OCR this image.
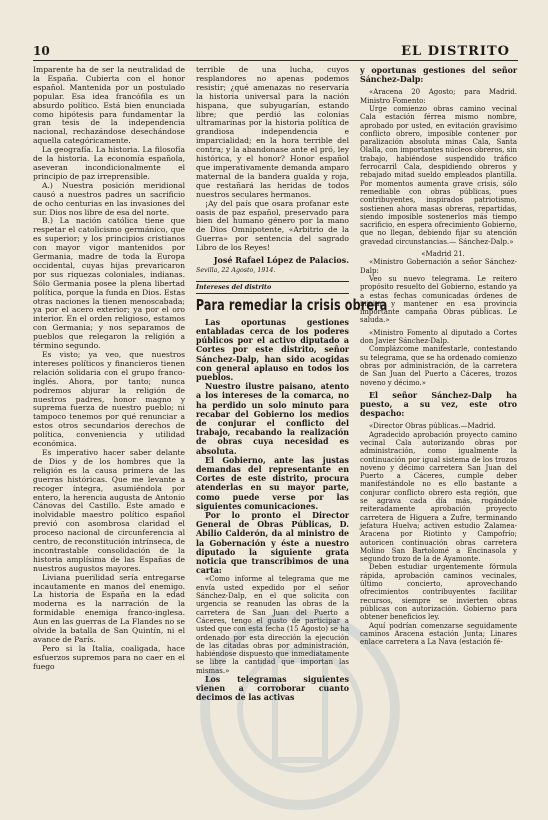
10	EL DISTRITO

Imparente ha de ser la neutralidad de la España. Cubierta con el honor español. Mantenida por un postulado popular. Esa idea francófila es un absurdo político. Está bien enunciada como hipótesis para fundamentar la gran tesis de la independencia nacional, rechazándose desechándose aquella categóricamente.

La geografía. La historia. La filosofía de la historia. La economía española, aseveran incondicionalmente el principio de paz irreprensible.

A.) Nuestra posición meridional causó a nuestros padres un sacrificio de ocho centurias en las invasiones del sur. Dios nos libre de esa del norte.

B.) La nación católica tiene que respetar el catolicismo germánico, que es superior; y los principios cristianos con mayor vigor mantenidos por Germania, madre de toda la Europa occidental, cuyas hijas prevaricaron por sus riquezas coloniales, indianas. Sólo Germania posee la plena libertad política, porque la funda en Dios. Estas otras naciones la tienen menoscabada; ya por el acero exterior; ya por el oro interior. En el orden religioso, estamos con Germania; y nos separamos de pueblos que relegaron la religión a término segundo.

Es visto; ya veo, que nuestros intereses políticos y financieros tienen relación solidaria con el grupo franco-inglés. Ahora, por tanto; nunca podremos abjurar la religión de nuestros padres, honor magno y suprema fuerza de nuestro pueblo; ni tampoco tenemos por qué renunciar a estos otros secundarios derechos de política, conveniencia y utilidad económica.

Es imperativo hacer saber delante de Dios y de los hombres que la religión es la causa primera de las guerras históricas. Que me levante a recoger íntegra, asumiéndola por entero, la herencia augusta de Antonio Cánovas del Castillo. Este amado e inolvidable maestro político español previó con asombrosa claridad el proceso nacional de circunferencia al centro, de reconstitución intrínseca, de incontrastable consolidación de la historia amplísima de las Españas de nuestros augustos mayores.

Liviana puerilidad sería entregarse incautamente en manos del enemigo. La historia de España en la edad moderna es la narración de la formidable enemiga franco-inglesa. Aun en las guerras de La Flandes no se olvide la batalla de San Quintín, ni el avance de París.

Pero si la Italia, coaligada, hace esfuerzos supremos para no caer en el fuego

terrible de una lucha, cuyos resplandores no apenas podemos resistir; ¿qué amenazas no reservaría la historia universal para la nación hispana, que subyugarían, estando libre; que perdió las colonias ultramarinas por la historia política de grandiosa independencia e imparcialidad; en la hora terrible del contra; y la abandonase ante el pró, ley histórica, y el honor? Honor español que imperativamente demanda amparo maternal de la bandera gualda y roja, que restañará las heridas de todos nuestros seculares hermanos.

¡Ay del país que osara profanar este oasis de paz español, preservado para bien del humano género por la mano de Dios Omnipotente, «Arbitrio de la Guerra» por sentencia del sagrado Libro de los Reyes!

José Rafael López de Palacios.
Sevilla, 22 Agosto, 1914.
Intereses del distrito
Para remediar la crisis obrera

Las oportunas gestiones entabladas cerca de los poderes públicos por el activo diputado a Cortes por este distrito, señor Sánchez-Dalp, han sido acogidas con general aplauso en todos los pueblos.

Nuestro ilustre paisano, atento a los intereses de la comarca, no ha perdido un solo minuto para recabar del Gobierno los medios de conjurar el conflicto del trabajo, recabando la realización de obras cuya necesidad es absoluta.

El Gobierno, ante las justas demandas del representante en Cortes de este distrito, procura atenderlas en su mayor parte, como puede verse por las siguientes comunicaciones.

Por lo pronto el Director General de Obras Públicas, D. Abilio Calderón, da al ministro de la Gobernación y éste a nuestro diputado la siguiente grata noticia que transcribimos de una carta:

«Como informe al telegrama que me envía usted expedido por el señor Sánchez-Dalp, en el que solicita con urgencia se reanuden las obras de la carretera de San Juan del Puerto a Cáceres, tengo el gusto de participar a usted que con esta fecha (15 Agosto) se ha ordenado por esta dirección la ejecución de las citadas obras por administración, habiéndose dispuesto que inmediatamente se libre la cantidad que importan las mismas.»

Los telegramas siguientes vienen a corroborar cuanto decimos de las activas

y oportunas gestiones del señor Sánchez-Dalp:

«Aracena 20 Agosto; para Madrid. Ministro Fomento:

Urge comienzo obras camino vecinal Cala estación férrea mismo nombre, aprobado por usted, en evitación gravísimo conflicto obrero, imposible contener por paralización absoluta minas Cala, Santa Olalla, con importantes núcleos obreros, sin trabajo, habiéndose suspendido tráfico ferrocarril Cala, despidiendo obreros y rebajado mitad sueldo empleados plantilla. Por momentos aumenta grave crisis, sólo remediable con obras públicas, pues contribuyentes, inspirados patriotismo, sostienen ahora masas obreras, repartidas, siendo imposible sostenerlos más tiempo sacrificio, en espera ofrecimiento Gobierno, que no llegan, debiendo fijar su atención gravedad circunstancias.— Sánchez-Dalp.»

«Madrid 21.

«Ministro Gobernación a señor Sánchez-Dalp:

Veo su nuevo telegrama. Le reitero propósito resuelto del Gobierno, estando ya a estas fechas comunicadas órdenes de iniciar y mantener en esa provincia importante campaña Obras públicas. Le saluda.»

«Ministro Fomento al diputado a Cortes don Javier Sánchez-Dalp.

Complázcome manifestarle, contestando su telegrama, que se ha ordenado comienzo obras por administración, de la carretera de San Juan del Puerto a Cáceres, trozos noveno y décimo.»

El señor Sánchez-Dalp ha puesto, a su vez, este otro despacho:

«Director Obras públicas.—Madrid.

Agradecido aprobación proyecto camino vecinal Cala autorizando obras por administración, como igualmente la continuación por igual sistema de los trozos noveno y décimo carretera San Juan del Puerto a Cáceres, cumple deber manifestándole no es ello bastante a conjurar conflicto obrero esta región, que se agrava cada día más, rogándole reiteradamente aprobación proyecto carretera de Higuera a Zufre, terminando jefatura Huelva; activen estudio Zalamea-Aracena por Riotinto y Campofrío; autoricen continuación obras carretera Molino San Bartolomé a Encinasola y segundo trozo de la de Ayamonte.

Deben estudiar urgentemente fórmula rápida, aprobación caminos vecinales, último concierto, aprovechando ofrecimientos contribuyentes facilitar recursos, siempre se invierten obras públicas con autorización. Gobierno para obtener beneficios ley.

Aquí podrían comenzarse seguidamente caminos Aracena estación Junta; Linares enlace carretera a La Nava (estación fé-
